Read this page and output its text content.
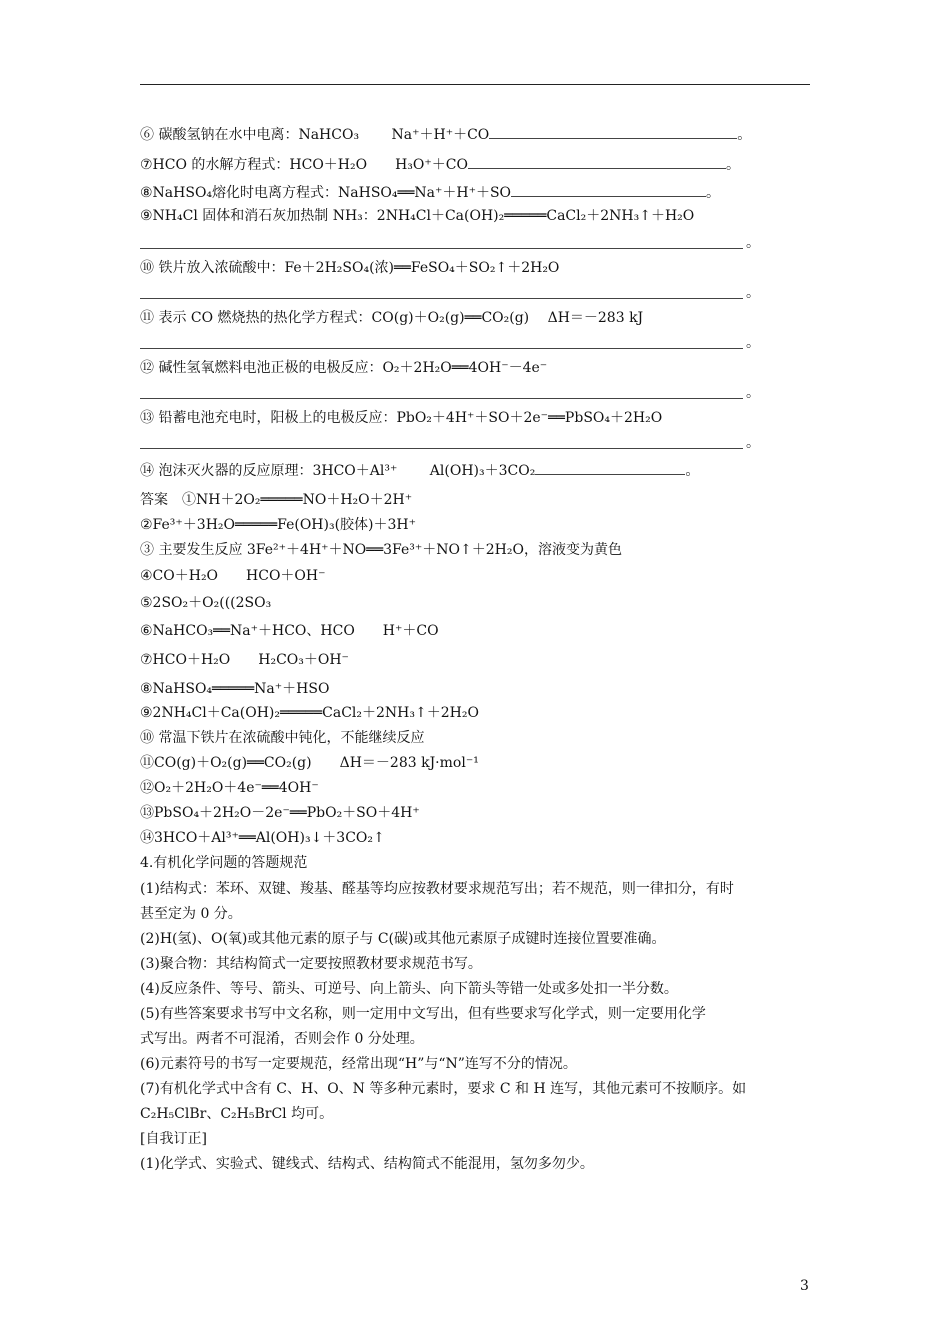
⑥ 碳酸氢钠在水中电离：NaHCO₃　　 Na⁺＋H⁺＋CO	。
⑦HCO 的水解方程式：HCO＋H₂O　　H₃O⁺＋CO	。
⑧NaHSO₄熔化时电离方程式：NaHSO₄══Na⁺＋H⁺＋SO	。
⑨NH₄Cl 固体和消石灰加热制 NH₃：2NH₄Cl＋Ca(OH)₂═════CaCl₂＋2NH₃↑＋H₂O
。
⑩ 铁片放入浓硫酸中：Fe＋2H₂SO₄(浓)══FeSO₄＋SO₂↑＋2H₂O
。
⑪ 表示 CO 燃烧热的热化学方程式：CO(g)＋O₂(g)══CO₂(g)　 ΔH＝－283 kJ
。
⑫ 碱性氢氧燃料电池正极的电极反应：O₂＋2H₂O══4OH⁻－4e⁻
。
⑬ 铅蓄电池充电时，阳极上的电极反应：PbO₂＋4H⁺＋SO＋2e⁻══PbSO₄＋2H₂O
。
⑭ 泡沫灭火器的反应原理：3HCO＋Al³⁺　　 Al(OH)₃＋3CO₂	。
答案　①NH＋2O₂═════NO＋H₂O＋2H⁺
②Fe³⁺＋3H₂O═════Fe(OH)₃(胶体)＋3H⁺
③ 主要发生反应 3Fe²⁺＋4H⁺＋NO══3Fe³⁺＋NO↑＋2H₂O，溶液变为黄色
④CO＋H₂O　　HCO＋OH⁻
⑤2SO₂＋O₂(((2SO₃
⑥NaHCO₃══Na⁺＋HCO、HCO　　H⁺＋CO
⑦HCO＋H₂O　　H₂CO₃＋OH⁻
⑧NaHSO₄═════Na⁺＋HSO
⑨2NH₄Cl＋Ca(OH)₂═════CaCl₂＋2NH₃↑＋2H₂O
⑩ 常温下铁片在浓硫酸中钝化，不能继续反应
⑪CO(g)＋O₂(g)══CO₂(g)　　ΔH＝－283 kJ·mol⁻¹
⑫O₂＋2H₂O＋4e⁻══4OH⁻
⑬PbSO₄＋2H₂O－2e⁻══PbO₂＋SO＋4H⁺
⑭3HCO＋Al³⁺══Al(OH)₃↓＋3CO₂↑
4.有机化学问题的答题规范
(1)结构式：苯环、双键、羧基、醛基等均应按教材要求规范写出；若不规范，则一律扣分，有时
甚至定为 0 分。
(2)H(氢)、O(氧)或其他元素的原子与 C(碳)或其他元素原子成键时连接位置要准确。
(3)聚合物：其结构简式一定要按照教材要求规范书写。
(4)反应条件、等号、箭头、可逆号、向上箭头、向下箭头等错一处或多处扣一半分数。
(5)有些答案要求书写中文名称，则一定用中文写出，但有些要求写化学式，则一定要用化学
式写出。两者不可混淆，否则会作 0 分处理。
(6)元素符号的书写一定要规范，经常出现“H”与“N”连写不分的情况。
(7)有机化学式中含有 C、H、O、N 等多种元素时，要求 C 和 H 连写，其他元素可不按顺序。如
C₂H₅ClBr、C₂H₅BrCl 均可。
[自我订正]
(1)化学式、实验式、键线式、结构式、结构简式不能混用，氢勿多勿少。
3
